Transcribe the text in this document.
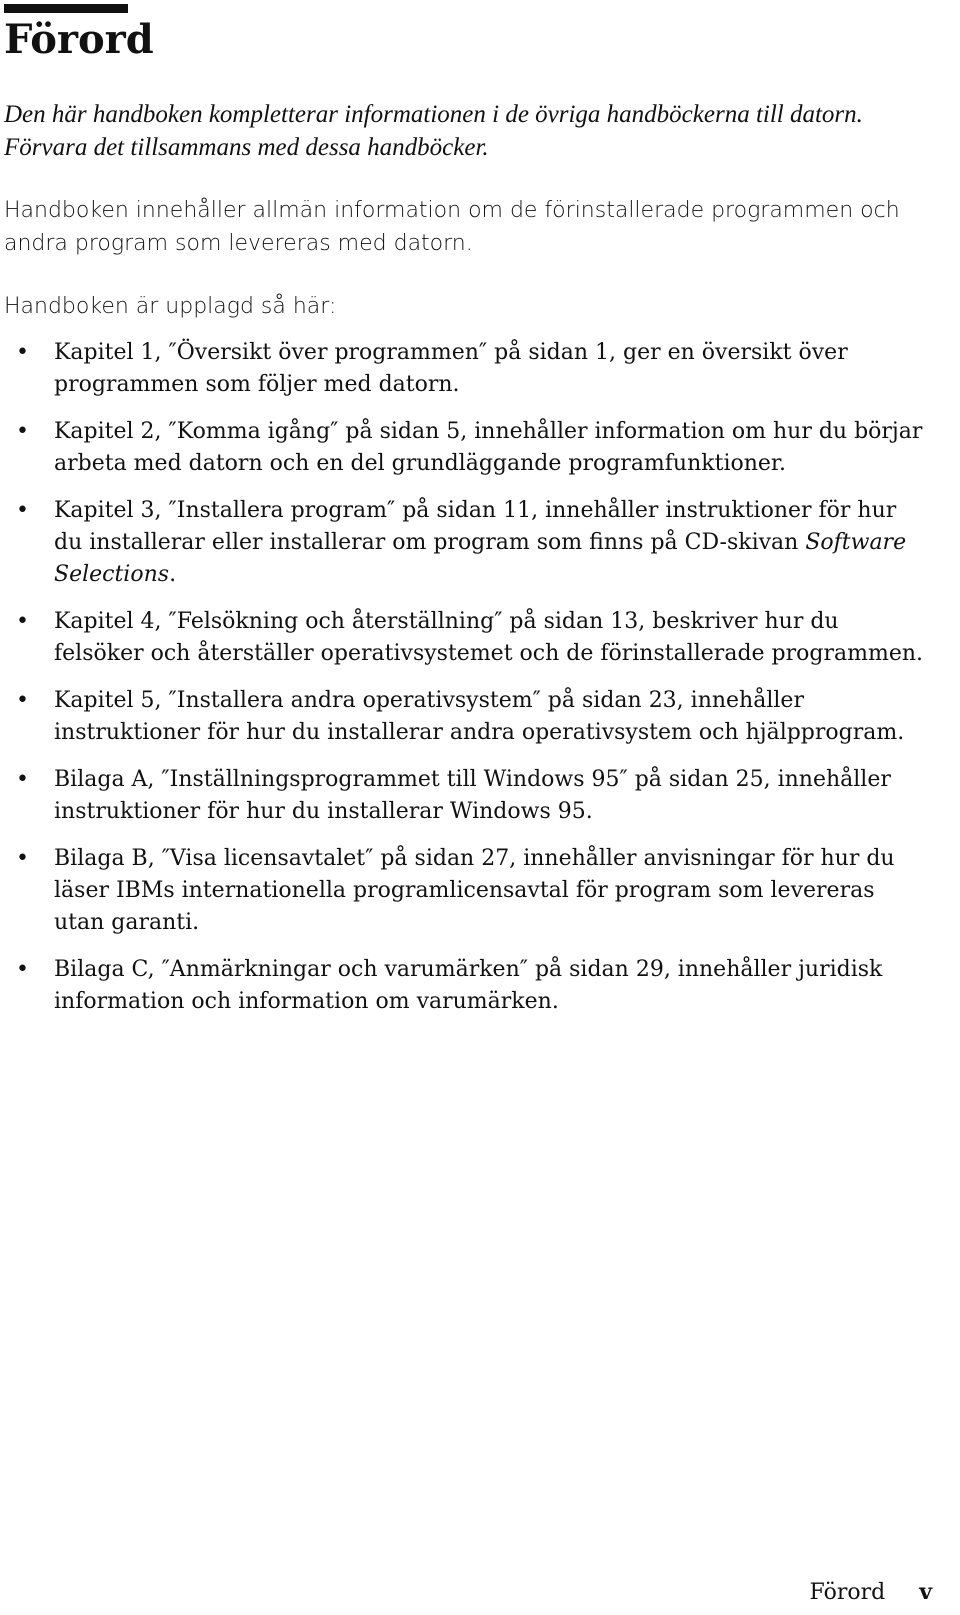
Förord

Den här handboken kompletterar informationen i de övriga handböckerna till datorn. Förvara det tillsammans med dessa handböcker.

Handboken innehåller allmän information om de förinstallerade programmen och andra program som levereras med datorn.

Handboken är upplagd så här:

• Kapitel 1, ″Översikt över programmen″ på sidan 1, ger en översikt över programmen som följer med datorn.
• Kapitel 2, ″Komma igång″ på sidan 5, innehåller information om hur du börjar arbeta med datorn och en del grundläggande programfunktioner.
• Kapitel 3, ″Installera program″ på sidan 11, innehåller instruktioner för hur du installerar eller installerar om program som finns på CD-skivan Software Selections.
• Kapitel 4, ″Felsökning och återställning″ på sidan 13, beskriver hur du felsöker och återställer operativsystemet och de förinstallerade programmen.
• Kapitel 5, ″Installera andra operativsystem″ på sidan 23, innehåller instruktioner för hur du installerar andra operativsystem och hjälpprogram.
• Bilaga A, ″Inställningsprogrammet till Windows 95″ på sidan 25, innehåller instruktioner för hur du installerar Windows 95.
• Bilaga B, ″Visa licensavtalet″ på sidan 27, innehåller anvisningar för hur du läser IBMs internationella programlicensavtal för program som levereras utan garanti.
• Bilaga C, ″Anmärkningar och varumärken″ på sidan 29, innehåller juridisk information och information om varumärken.
Förord v
